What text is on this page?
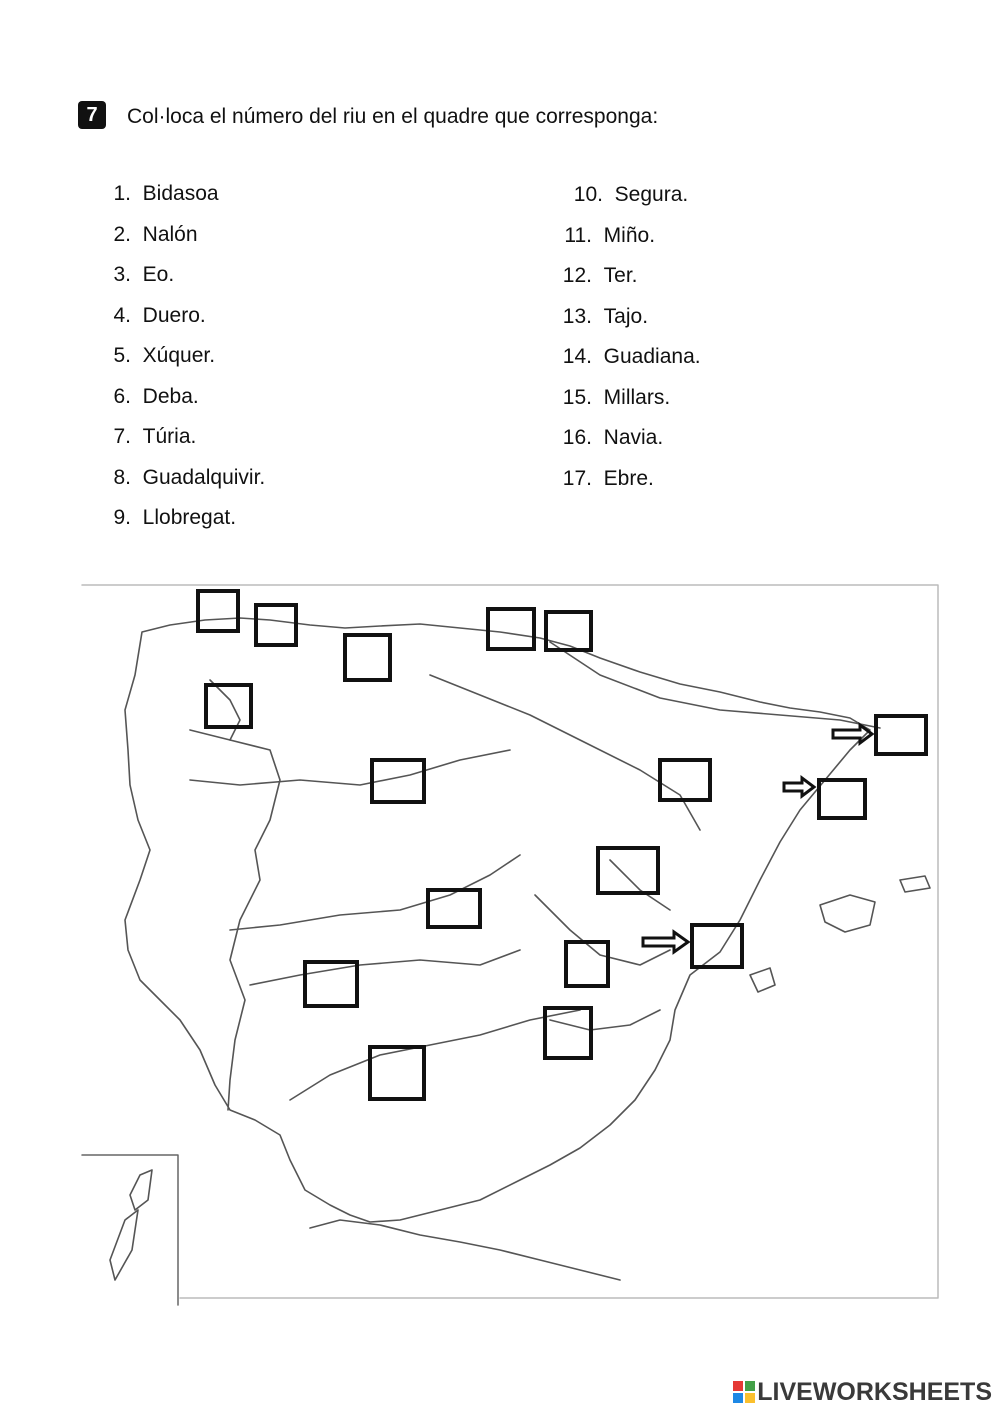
7	Col·loca el número del riu en el quadre que corresponga:
1.
Bidasoa
2.
Nalón
3.
Eo.
4.
Duero.
5.
Xúquer.
6.
Deba.
7.
Túria.
8.
Guadalquivir.
9.
Llobregat.
10.
Segura.
11.
Miño.
12.
Ter.
13.
Tajo.
14.
Guadiana.
15.
Millars.
16.
Navia.
17.
Ebre.
LIVEWORKSHEETS
